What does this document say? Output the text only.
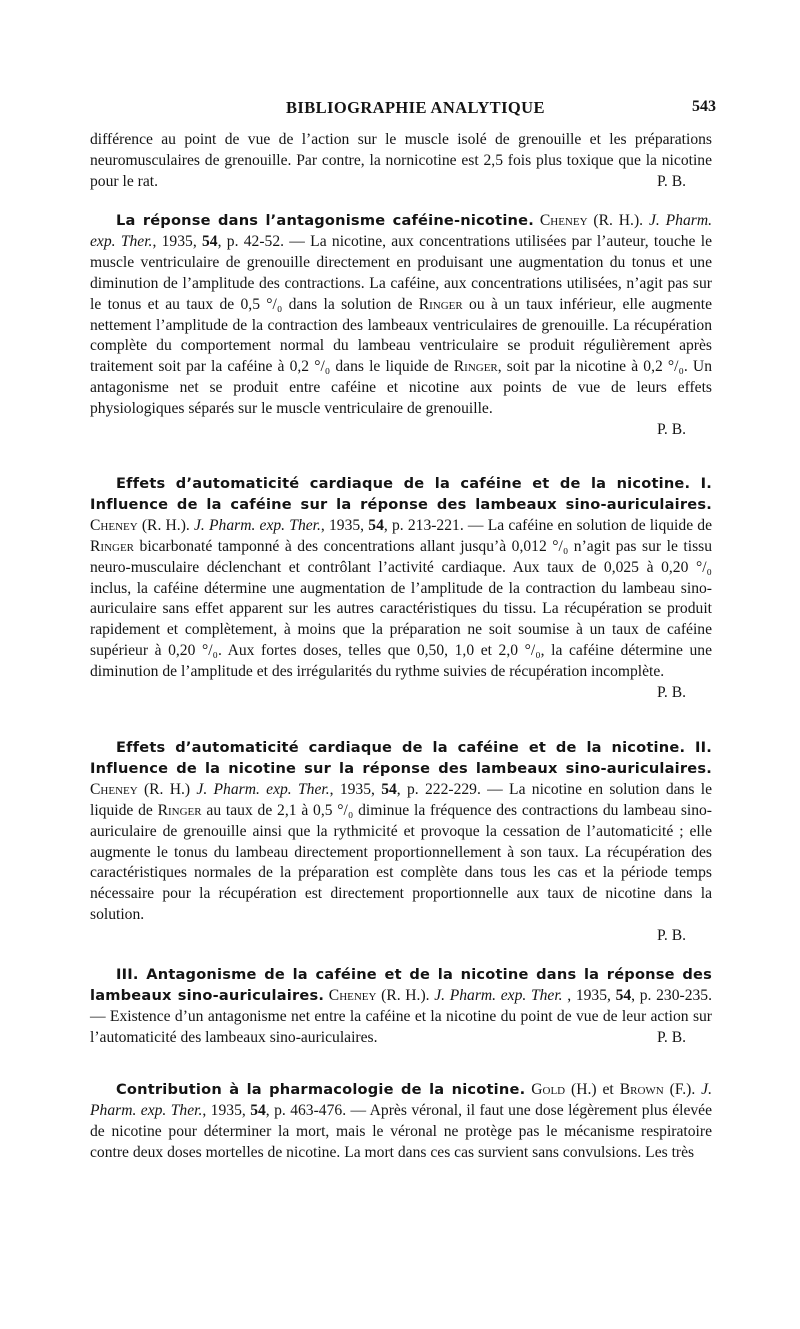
BIBLIOGRAPHIE ANALYTIQUE	543

différence au point de vue de l’action sur le muscle isolé de grenouille et les préparations neuromusculaires de grenouille. Par contre, la nornicotine est 2,5 fois plus toxique que la nicotine pour le rat.	P. B.

La réponse dans l’antagonisme caféine-nicotine. Cheney (R. H.). J. Pharm. exp. Ther., 1935, 54, p. 42-52. — La nicotine, aux concentrations utilisées par l’auteur, touche le muscle ventriculaire de grenouille directement en produisant une augmentation du tonus et une diminution de l’amplitude des contractions. La caféine, aux concentrations utilisées, n’agit pas sur le tonus et au taux de 0,5 °/₀ dans la solution de Ringer ou à un taux inférieur, elle augmente nettement l’amplitude de la contraction des lambeaux ventriculaires de grenouille. La récupération complète du comportement normal du lambeau ventriculaire se produit régulièrement après traitement soit par la caféine à 0,2 °/₀ dans le liquide de Ringer, soit par la nicotine à 0,2 °/₀. Un antagonisme net se produit entre caféine et nicotine aux points de vue de leurs effets physiologiques séparés sur le muscle ventriculaire de grenouille.

P. B.

Effets d’automaticité cardiaque de la caféine et de la nicotine. I. Influence de la caféine sur la réponse des lambeaux sino-auriculaires. Cheney (R. H.). J. Pharm. exp. Ther., 1935, 54, p. 213-221. — La caféine en solution de liquide de Ringer bicarbonaté tamponné à des concentrations allant jusqu’à 0,012 °/₀ n’agit pas sur le tissu neuro-musculaire déclenchant et contrôlant l’activité cardiaque. Aux taux de 0,025 à 0,20 °/₀ inclus, la caféine détermine une augmentation de l’amplitude de la contraction du lambeau sino-auriculaire sans effet apparent sur les autres caractéristiques du tissu. La récupération se produit rapidement et complètement, à moins que la préparation ne soit soumise à un taux de caféine supérieur à 0,20 °/₀. Aux fortes doses, telles que 0,50, 1,0 et 2,0 °/₀, la caféine détermine une diminution de l’amplitude et des irrégularités du rythme suivies de récupération incomplète.
P. B.

Effets d’automaticité cardiaque de la caféine et de la nicotine. II. Influence de la nicotine sur la réponse des lambeaux sino-auriculaires. Cheney (R. H.) J. Pharm. exp. Ther., 1935, 54, p. 222-229. — La nicotine en solution dans le liquide de Ringer au taux de 2,1 à 0,5 °/₀ diminue la fréquence des contractions du lambeau sino-auriculaire de grenouille ainsi que la rythmicité et provoque la cessation de l’automaticité ; elle augmente le tonus du lambeau directement proportionnellement à son taux. La récupération des caractéristiques normales de la préparation est complète dans tous les cas et la période temps nécessaire pour la récupération est directement proportionnelle aux taux de nicotine dans la solution.

P. B.

III. Antagonisme de la caféine et de la nicotine dans la réponse des lambeaux sino-auriculaires. Cheney (R. H.). J. Pharm. exp. Ther. , 1935, 54, p. 230-235. — Existence d’un antagonisme net entre la caféine et la nicotine du point de vue de leur action sur l’automaticité des lambeaux sino-auriculaires.	P. B.

Contribution à la pharmacologie de la nicotine. Gold (H.) et Brown (F.). J. Pharm. exp. Ther., 1935, 54, p. 463-476. — Après véronal, il faut une dose légèrement plus élevée de nicotine pour déterminer la mort, mais le véronal ne protège pas le mécanisme respiratoire contre deux doses mortelles de nicotine. La mort dans ces cas survient sans convulsions. Les très
